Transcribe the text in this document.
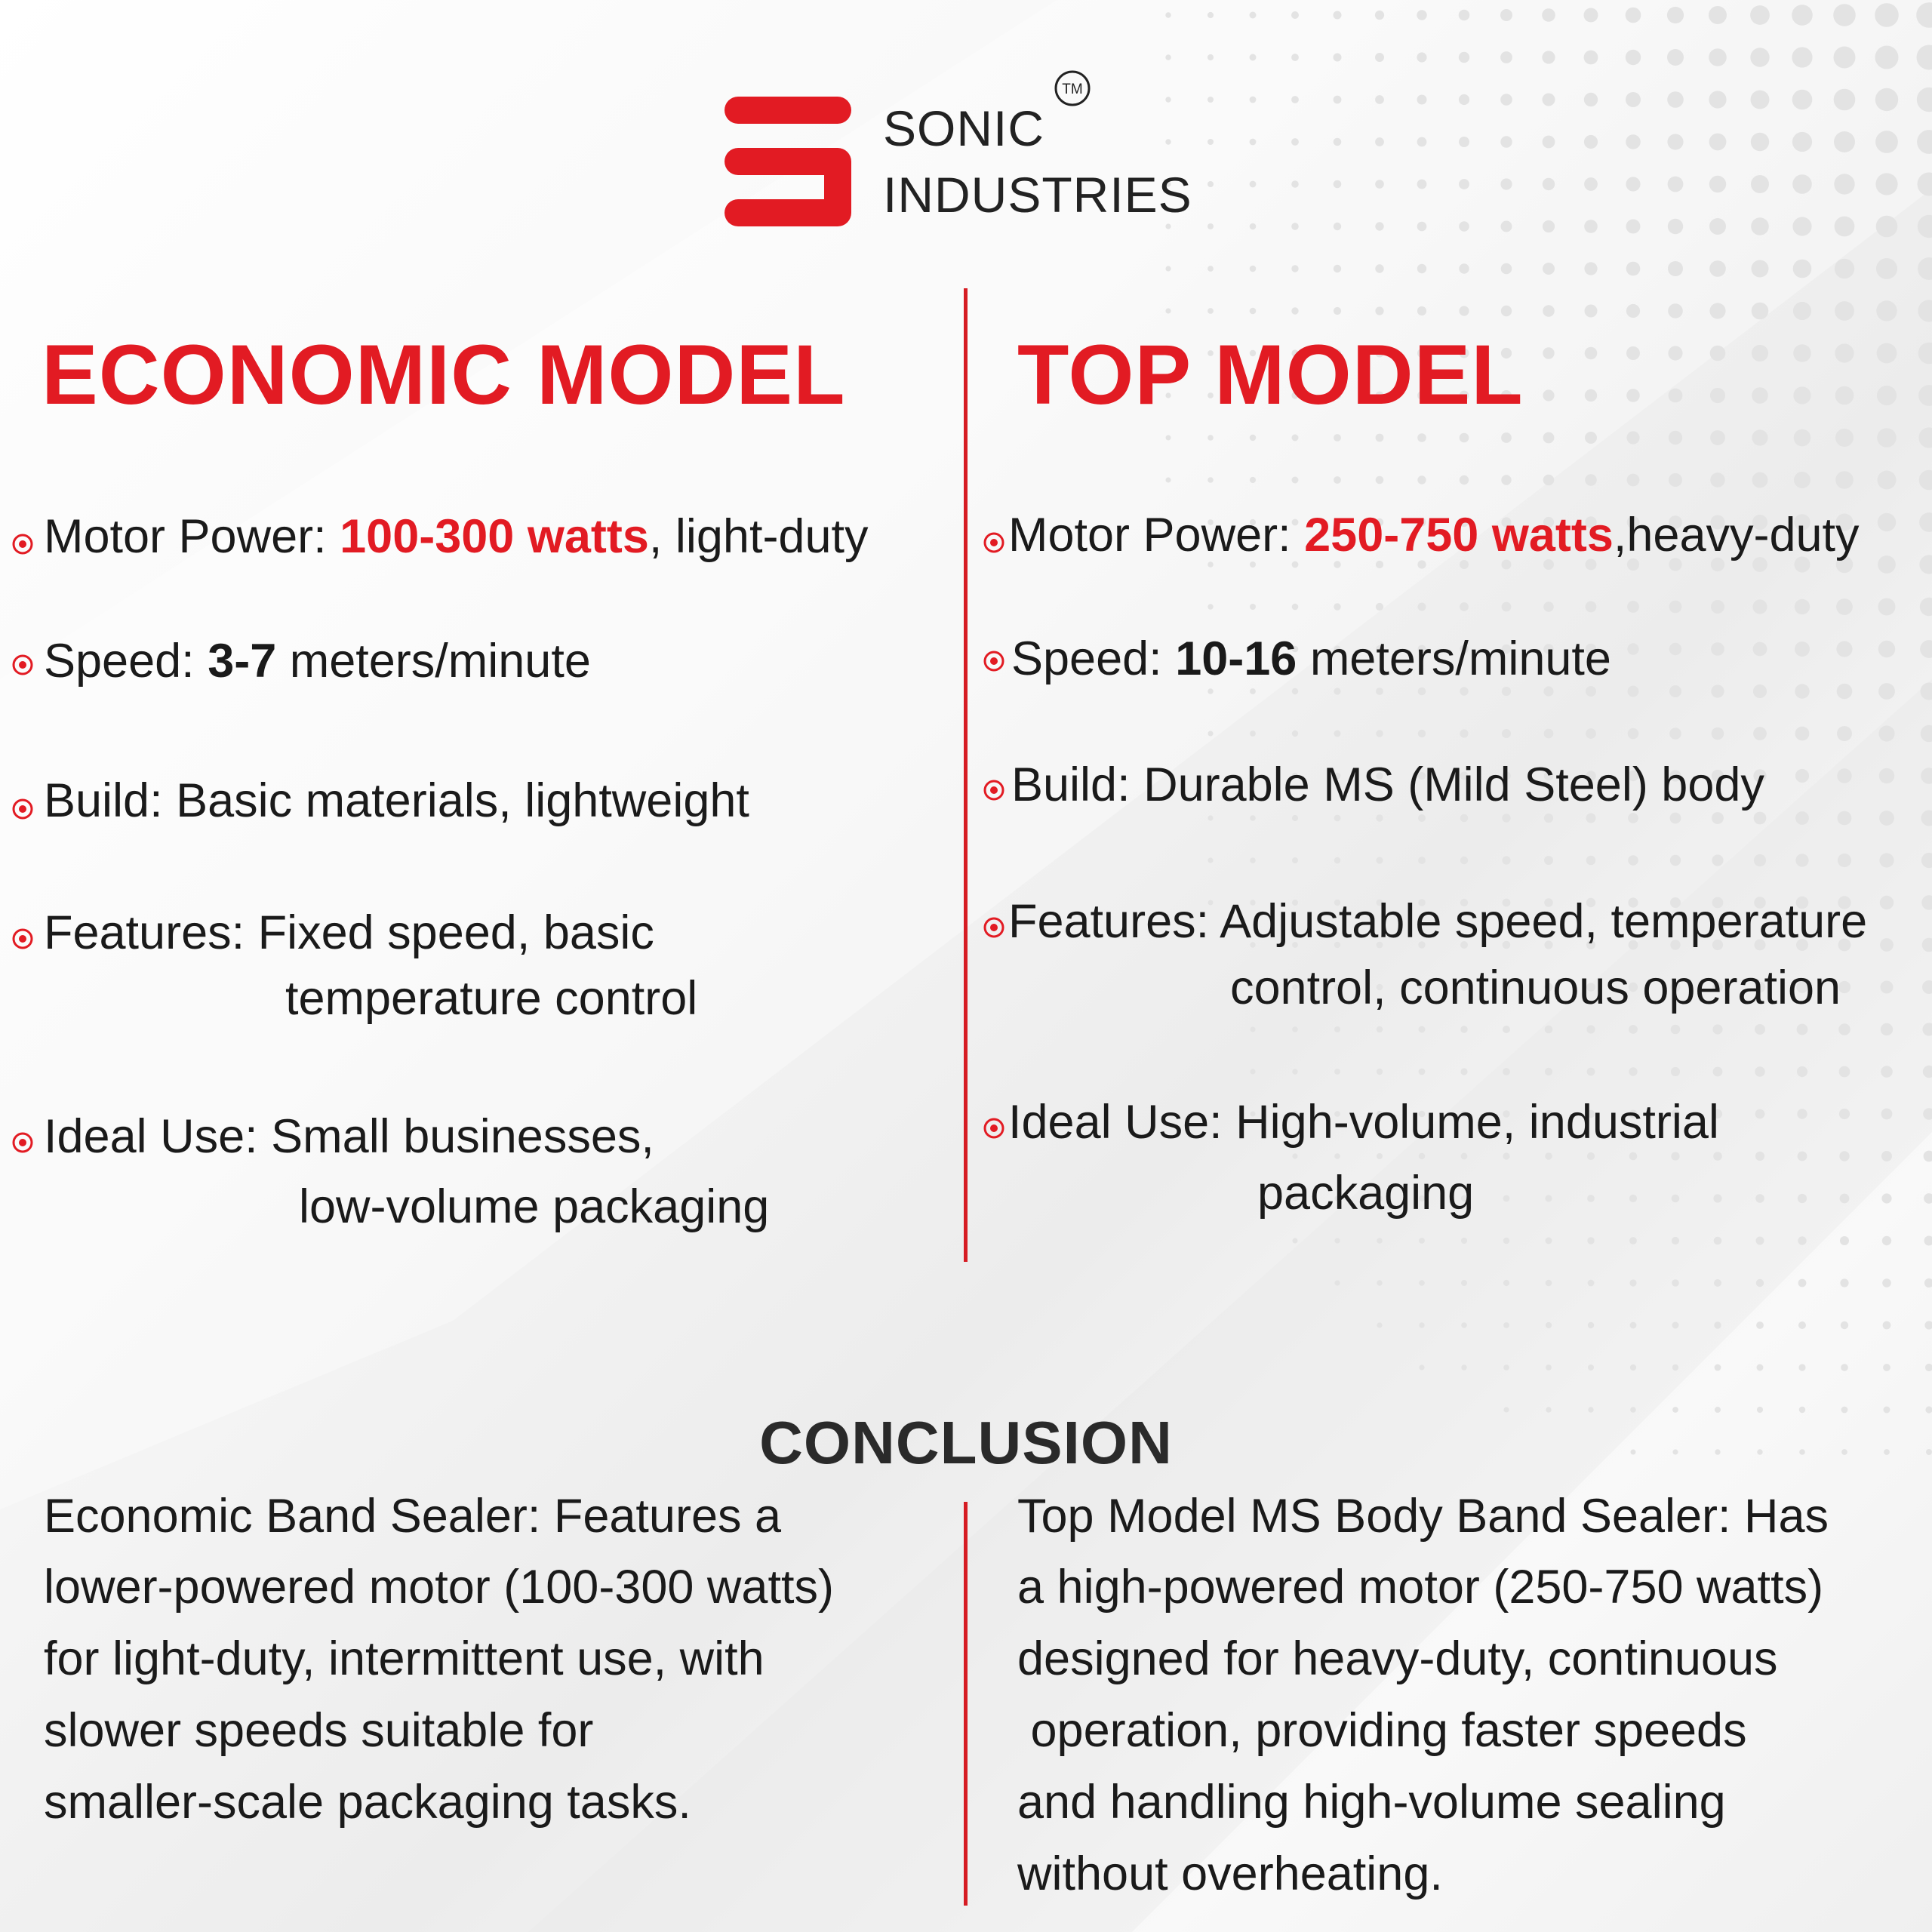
SONIC
INDUSTRIES
TM
ECONOMIC MODEL TOP MODEL
Motor Power: 100-300 watts, light-duty
Speed: 3-7 meters/minute
Build: Basic materials, lightweight
Features: Fixed speed, basic
temperature control
Ideal Use: Small businesses,
low-volume packaging
Motor Power: 250-750 watts,heavy-duty
Speed: 10-16 meters/minute
Build: Durable MS (Mild Steel) body
Features: Adjustable speed, temperature
control, continuous operation
Ideal Use: High-volume, industrial
packaging
CONCLUSION
Economic Band Sealer: Features a
lower-powered motor (100-300 watts)
for light-duty, intermittent use, with
slower speeds suitable for
smaller-scale packaging tasks.
Top Model MS Body Band Sealer: Has
a high-powered motor (250-750 watts)
designed for heavy-duty, continuous
operation, providing faster speeds
and handling high-volume sealing
without overheating.
